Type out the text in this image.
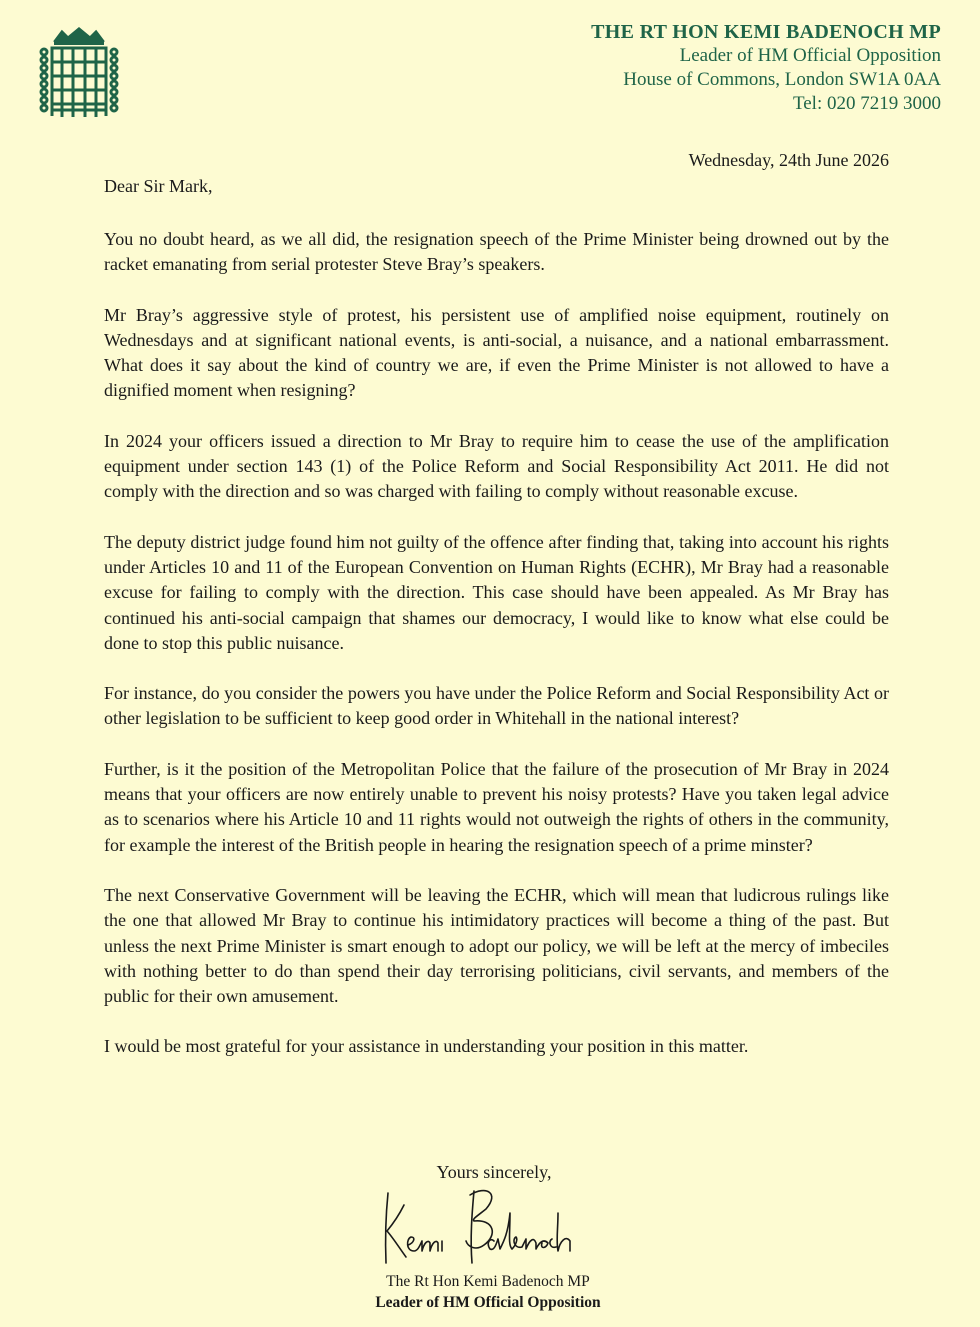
THE RT HON KEMI BADENOCH MP
Leader of HM Official Opposition
House of Commons, London SW1A 0AA
Tel: 020 7219 3000
Wednesday, 24th June 2026
Dear Sir Mark,

You no doubt heard, as we all did, the resignation speech of the Prime Minister being drowned out by the racket emanating from serial protester Steve Bray’s speakers.

Mr Bray’s aggressive style of protest, his persistent use of amplified noise equipment, routinely on Wednesdays and at significant national events, is anti-social, a nuisance, and a national embarrassment. What does it say about the kind of country we are, if even the Prime Minister is not allowed to have a dignified moment when resigning?

In 2024 your officers issued a direction to Mr Bray to require him to cease the use of the amplification equipment under section 143 (1) of the Police Reform and Social Responsibility Act 2011. He did not comply with the direction and so was charged with failing to comply without reasonable excuse.

The deputy district judge found him not guilty of the offence after finding that, taking into account his rights under Articles 10 and 11 of the European Convention on Human Rights (ECHR), Mr Bray had a reasonable excuse for failing to comply with the direction. This case should have been appealed. As Mr Bray has continued his anti-social campaign that shames our democracy, I would like to know what else could be done to stop this public nuisance.

For instance, do you consider the powers you have under the Police Reform and Social Responsibility Act or other legislation to be sufficient to keep good order in Whitehall in the national interest?

Further, is it the position of the Metropolitan Police that the failure of the prosecution of Mr Bray in 2024 means that your officers are now entirely unable to prevent his noisy protests? Have you taken legal advice as to scenarios where his Article 10 and 11 rights would not outweigh the rights of others in the community, for example the interest of the British people in hearing the resignation speech of a prime minster?

The next Conservative Government will be leaving the ECHR, which will mean that ludicrous rulings like the one that allowed Mr Bray to continue his intimidatory practices will become a thing of the past. But unless the next Prime Minister is smart enough to adopt our policy, we will be left at the mercy of imbeciles with nothing better to do than spend their day terrorising politicians, civil servants, and members of the public for their own amusement.

I would be most grateful for your assistance in understanding your position in this matter.

Yours sincerely,
The Rt Hon Kemi Badenoch MP
Leader of HM Official Opposition
